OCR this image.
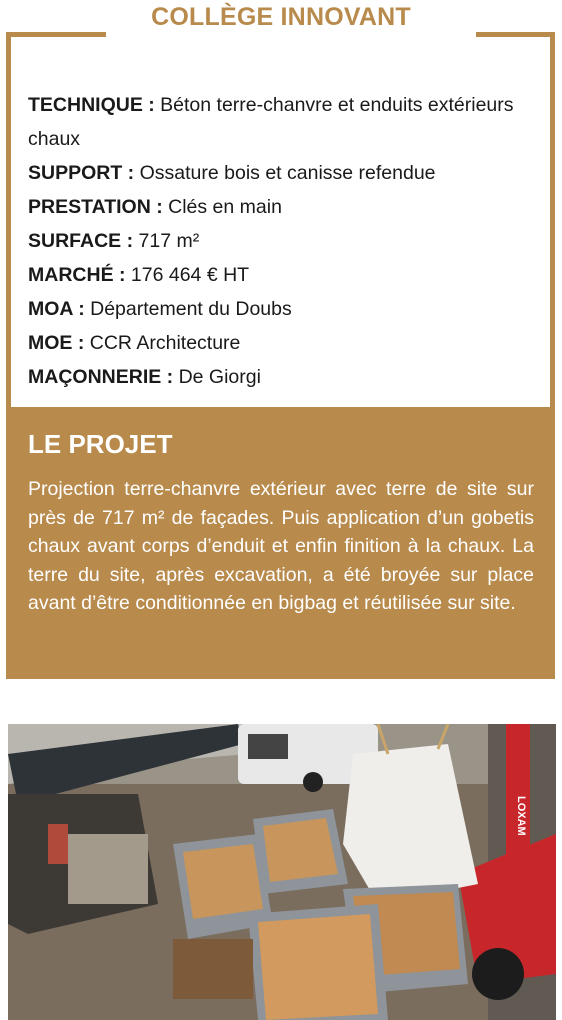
COLLÈGE INNOVANT
TECHNIQUE : Béton terre-chanvre et enduits extérieurs chaux
SUPPORT : Ossature bois et canisse refendue
PRESTATION : Clés en main
SURFACE : 717 m²
MARCHÉ : 176 464 € HT
MOA : Département du Doubs
MOE : CCR Architecture
MAÇONNERIE : De Giorgi
LE PROJET

Projection terre-chanvre extérieur avec terre de site sur près de 717 m² de façades. Puis application d’un gobetis chaux avant corps d’enduit et enfin finition à la chaux. La terre du site, après excavation, a été broyée sur place avant d’être conditionnée en bigbag et réutilisée sur site.

LOXAM
